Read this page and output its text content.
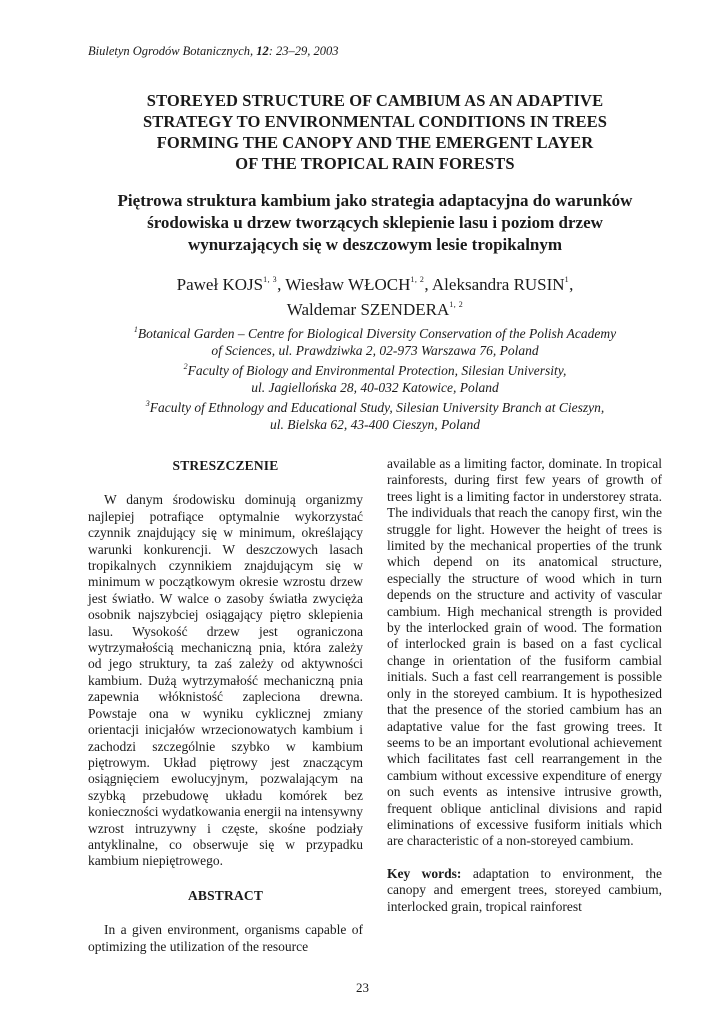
Biuletyn Ogrodów Botanicznych, 12: 23–29, 2003
STOREYED STRUCTURE OF CAMBIUM AS AN ADAPTIVE
STRATEGY TO ENVIRONMENTAL CONDITIONS IN TREES
FORMING THE CANOPY AND THE EMERGENT LAYER
OF THE TROPICAL RAIN FORESTS
Piętrowa struktura kambium jako strategia adaptacyjna do warunków
środowiska u drzew tworzących sklepienie lasu i poziom drzew
wynurzających się w deszczowym lesie tropikalnym
Paweł KOJS$^{1, 3}$, Wiesław WŁOCH$^{1, 2}$, Aleksandra RUSIN$^1$,
Waldemar SZENDERA$^{1, 2}$
$^1$Botanical Garden – Centre for Biological Diversity Conservation of the Polish Academy
of Sciences, ul. Prawdziwka 2, 02-973 Warszawa 76, Poland
$^2$Faculty of Biology and Environmental Protection, Silesian University,
ul. Jagiellońska 28, 40-032 Katowice, Poland
$^3$Faculty of Ethnology and Educational Study, Silesian University Branch at Cieszyn,
ul. Bielska 62, 43-400 Cieszyn, Poland
STRESZCZENIE

W danym środowisku dominują organizmy najlepiej potrafiące optymalnie wykorzystać czynnik znajdujący się w minimum, określający warunki konkurencji. W deszczowych lasach tropikalnych czynnikiem znajdującym się w minimum w początkowym okresie wzrostu drzew jest światło. W walce o zasoby światła zwycięża osobnik najszybciej osiągający piętro sklepienia lasu. Wysokość drzew jest ograniczona wytrzymałością mechaniczną pnia, która zależy od jego struktury, ta zaś zależy od aktywności kambium. Dużą wytrzymałość mechaniczną pnia zapewnia włóknistość zaplecionа drewna. Powstaje ona w wyniku cyklicznej zmiany orientacji inicjałów wrzecionowatych kambium i zachodzi szczególnie szybko w kambium piętrowym. Układ piętrowy jest znaczącym osiągnięciem ewolucyjnym, pozwalającym na szybką przebudowę układu komórek bez konieczności wydatkowania energii na intensywny wzrost intruzywny i częste, skośne podziały antyklinalne, co obserwuje się w przypadku kambium niepiętrowego.

ABSTRACT

In a given environment, organisms capable of optimizing the utilization of the resource

available as a limiting factor, dominate. In tropical rainforests, during first few years of growth of trees light is a limiting factor in understorey strata. The individuals that reach the canopy first, win the struggle for light. However the height of trees is limited by the mechanical properties of the trunk which depend on its anatomical structure, especially the structure of wood which in turn depends on the structure and activity of vascular cambium. High mechanical strength is provided by the interlocked grain of wood. The formation of interlocked grain is based on a fast cyclical change in orientation of the fusiform cambial initials. Such a fast cell rearrangement is possible only in the storeyed cambium. It is hypothesized that the presence of the storied cambium has an adaptative value for the fast growing trees. It seems to be an important evolutional achievement which facilitates fast cell rearrangement in the cambium without excessive expenditure of energy on such events as intensive intrusive growth, frequent oblique anticlinal divisions and rapid eliminations of excessive fusiform initials which are characteristic of a non-storeyed cambium.

Key words: adaptation to environment, the canopy and emergent trees, storeyed cambium, interlocked grain, tropical rainforest

23
